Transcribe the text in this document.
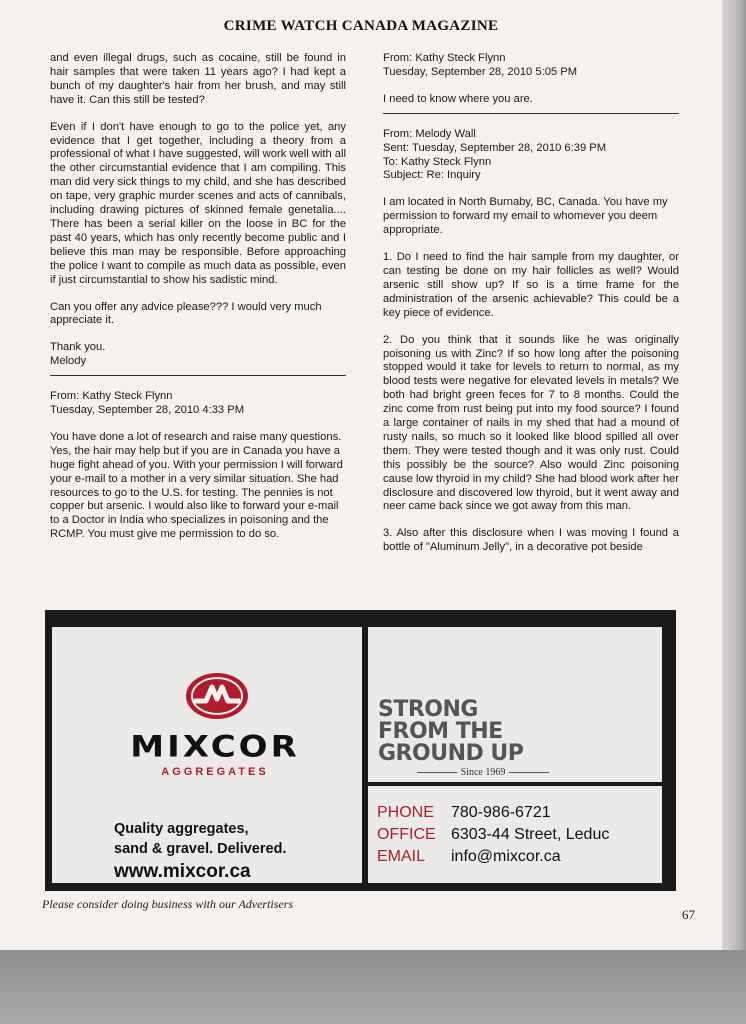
CRIME WATCH CANADA MAGAZINE

and even illegal drugs, such as cocaine, still be found in hair samples that were taken 11 years ago? I had kept a bunch of my daughter's hair from her brush, and may still have it. Can this still be tested?

Even if I don't have enough to go to the police yet, any evidence that I get together, including a theory from a professional of what I have suggested, will work well with all the other circumstantial evidence that I am compiling. This man did very sick things to my child, and she has described on tape, very graphic murder scenes and acts of cannibals, including drawing pictures of skinned female genetalia.... There has been a serial killer on the loose in BC for the past 40 years, which has only recently become public and I believe this man may be responsible. Before approaching the police I want to compile as much data as possible, even if just circumstantial to show his sadistic mind.

Can you offer any advice please??? I would very much appreciate it.

Thank you.
Melody

From: Kathy Steck Flynn
Tuesday, September 28, 2010 4:33 PM

You have done a lot of research and raise many questions. Yes, the hair may help but if you are in Canada you have a huge fight ahead of you. With your permission I will forward your e-mail to a mother in a very similar situation. She had resources to go to the U.S. for testing. The pennies is not copper but arsenic. I would also like to forward your e-mail to a Doctor in India who specializes in poisoning and the RCMP. You must give me permission to do so.

From: Kathy Steck Flynn
Tuesday, September 28, 2010 5:05 PM

I need to know where you are.

From: Melody Wall
Sent: Tuesday, September 28, 2010 6:39 PM
To: Kathy Steck Flynn
Subject: Re: Inquiry

I am located in North Burnaby, BC, Canada. You have my permission to forward my email to whomever you deem appropriate.

1. Do I need to find the hair sample from my daughter, or can testing be done on my hair follicles as well? Would arsenic still show up? If so is a time frame for the administration of the arsenic achievable? This could be a key piece of evidence.

2. Do you think that it sounds like he was originally poisoning us with Zinc? If so how long after the poisoning stopped would it take for levels to return to normal, as my blood tests were negative for elevated levels in metals? We both had bright green feces for 7 to 8 months. Could the zinc come from rust being put into my food source? I found a large container of nails in my shed that had a mound of rusty nails, so much so it looked like blood spilled all over them. They were tested though and it was only rust. Could this possibly be the source? Also would Zinc poisoning cause low thyroid in my child? She had blood work after her disclosure and discovered low thyroid, but it went away and neer came back since we got away from this man.

3. Also after this disclosure when I was moving I found a bottle of "Aluminum Jelly", in a decorative pot beside

MIXCOR
AGGREGATES
Quality aggregates,
sand & gravel. Delivered.
www.mixcor.ca
STRONG
FROM THE
GROUND UP
Since 1969
PHONE 780-986-6721
OFFICE 6303-44 Street, Leduc
EMAIL info@mixcor.ca
Please consider doing business with our Advertisers
67
